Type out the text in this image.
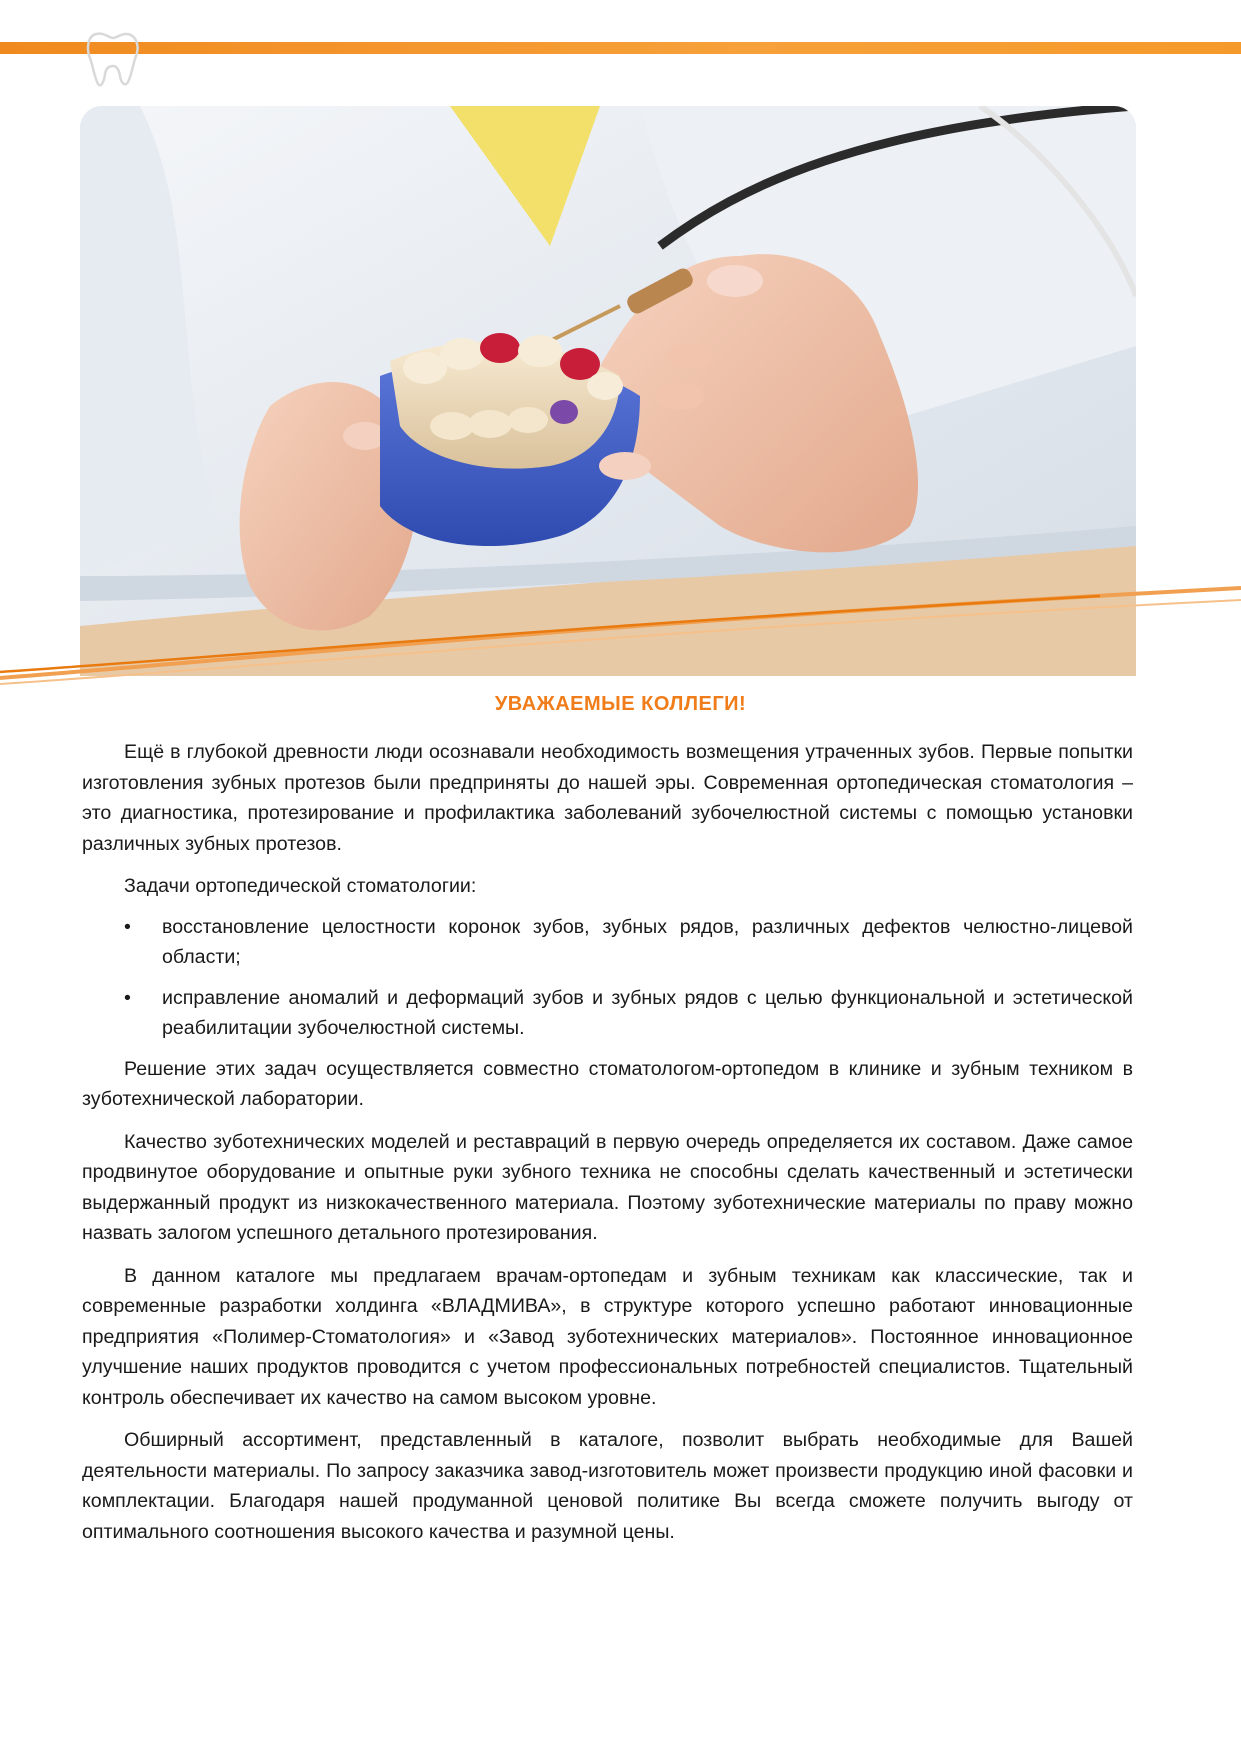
УВАЖАЕМЫЕ КОЛЛЕГИ!

Ещё в глубокой древности люди осознавали необходимость возмещения утраченных зубов. Первые попытки изготовления зубных протезов были предприняты до нашей эры. Современная ортопедическая стоматология – это диагностика, протезирование и профилактика заболеваний зубочелюстной системы с помощью установки различных зубных протезов.

Задачи ортопедической стоматологии:

• восстановление целостности коронок зубов, зубных рядов, различных дефектов челюстно-лицевой области;
• исправление аномалий и деформаций зубов и зубных рядов с целью функциональной и эстетической реабилитации зубочелюстной системы.

Решение этих задач осуществляется совместно стоматологом-ортопедом в клинике и зубным техником в зуботехнической лаборатории.

Качество зуботехнических моделей и реставраций в первую очередь определяется их составом. Даже самое продвинутое оборудование и опытные руки зубного техника не способны сделать качественный и эстетически выдержанный продукт из низкокачественного материала. Поэтому зуботехнические материалы по праву можно назвать залогом успешного детального протезирования.

В данном каталоге мы предлагаем врачам-ортопедам и зубным техникам как классические, так и современные разработки холдинга «ВЛАДМИВА», в структуре которого успешно работают инновационные предприятия «Полимер-Стоматология» и «Завод зуботехнических материалов». Постоянное инновационное улучшение наших продуктов проводится с учетом профессиональных потребностей специалистов. Тщательный контроль обеспечивает их качество на самом высоком уровне.

Обширный ассортимент, представленный в каталоге, позволит выбрать необходимые для Вашей деятельности материалы. По запросу заказчика завод-изготовитель может произвести продукцию иной фасовки и комплектации. Благодаря нашей продуманной ценовой политике Вы всегда сможете получить выгоду от оптимального соотношения высокого качества и разумной цены.
